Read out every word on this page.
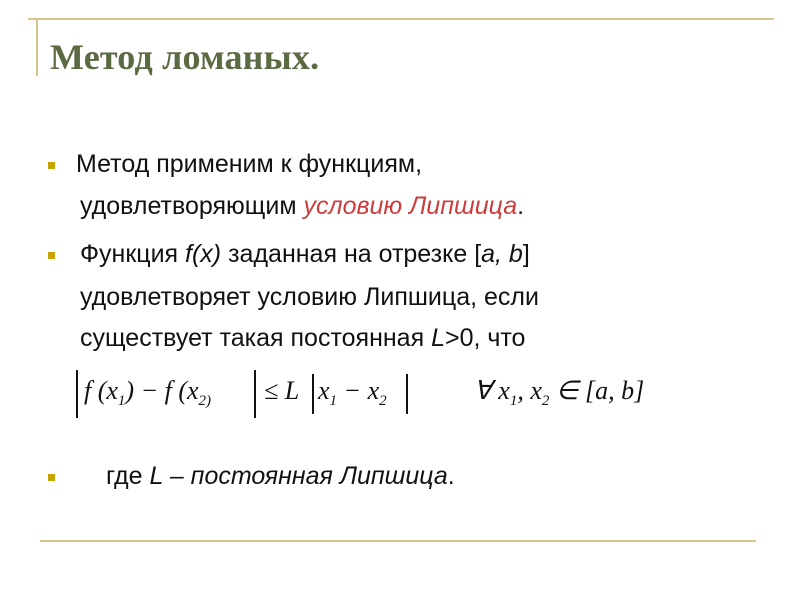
Метод ломаных.
Метод применим к функциям,
удовлетворяющим условию Липшица.
Функция f(x) заданная на отрезке [a, b]
удовлетворяет условию Липшица, если
существует такая постоянная L>0, что
f $(x_1) - f$ ($x_{2)} \le L$ $x_1 - x_2$	∀ $x_1$, $x_2$ ∈ [a, b]
где L – постоянная Липшица.
